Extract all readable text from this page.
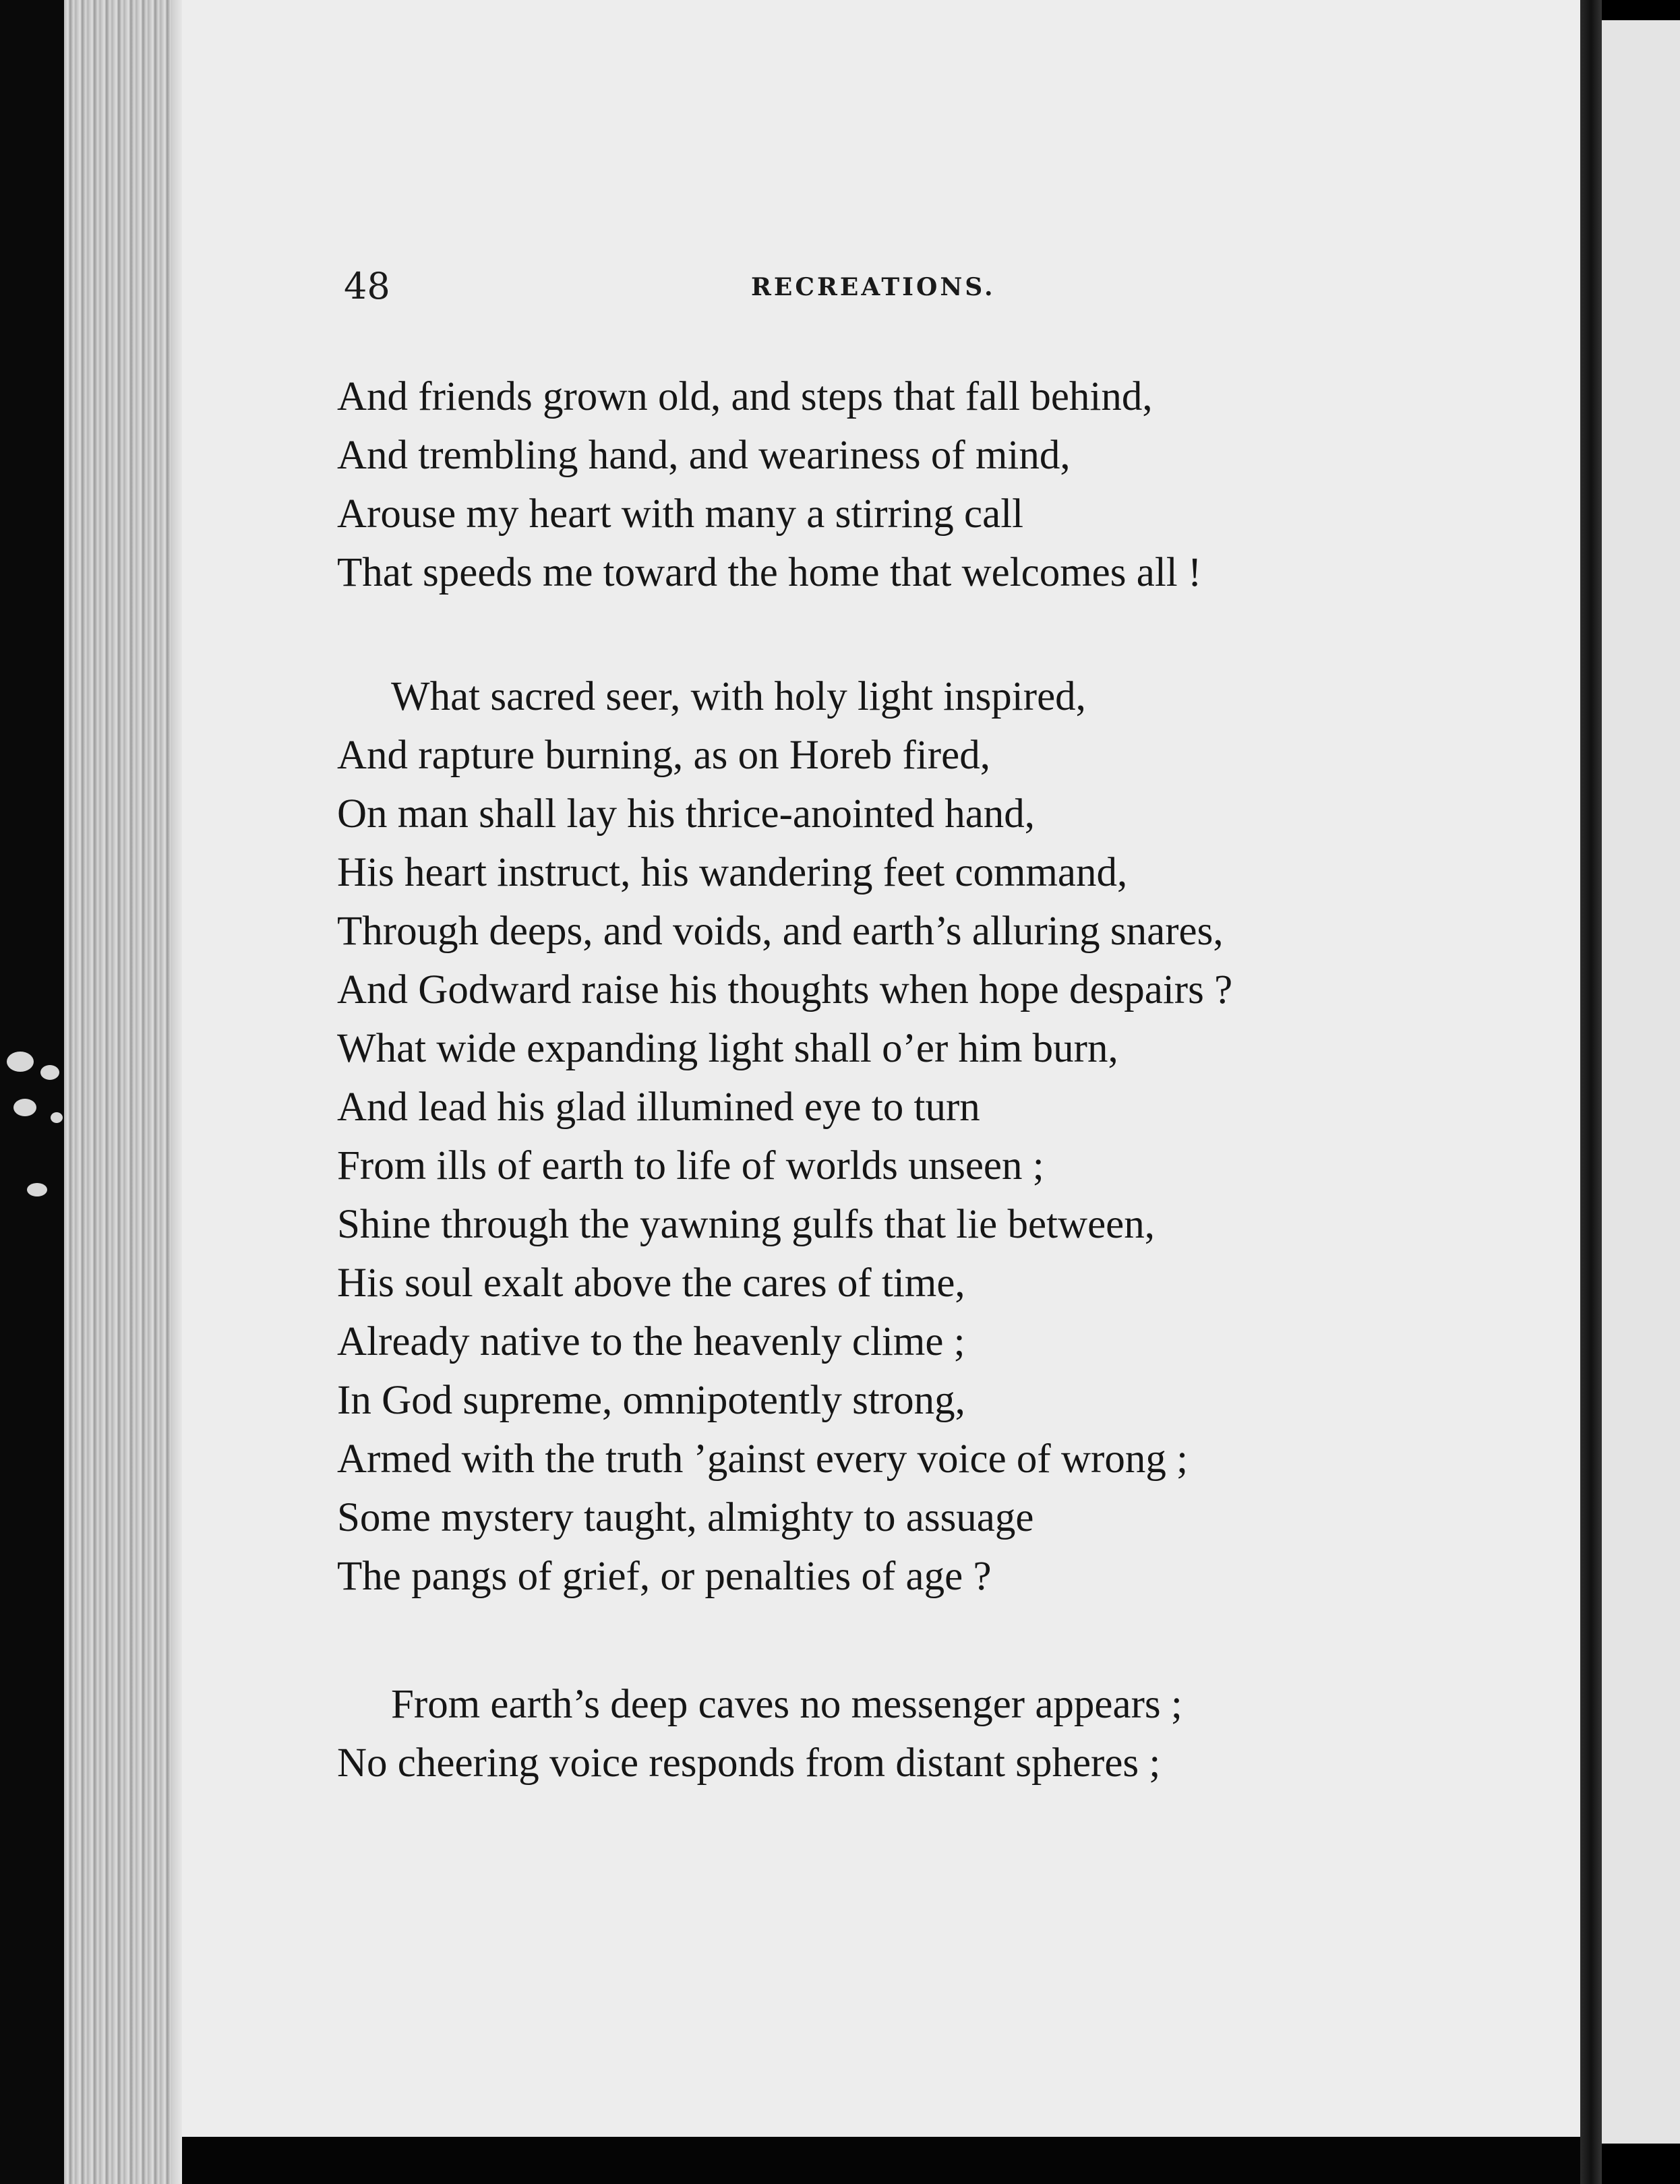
48	RECREATIONS.
And friends grown old, and steps that fall behind,
And trembling hand, and weariness of mind,
Arouse my heart with many a stirring call
That speeds me toward the home that welcomes all !
What sacred seer, with holy light inspired,
And rapture burning, as on Horeb fired,
On man shall lay his thrice-anointed hand,
His heart instruct, his wandering feet command,
Through deeps, and voids, and earth’s alluring snares,
And Godward raise his thoughts when hope despairs ?
What wide expanding light shall o’er him burn,
And lead his glad illumined eye to turn
From ills of earth to life of worlds unseen ;
Shine through the yawning gulfs that lie between,
His soul exalt above the cares of time,
Already native to the heavenly clime ;
In God supreme, omnipotently strong,
Armed with the truth ’gainst every voice of wrong ;
Some mystery taught, almighty to assuage
The pangs of grief, or penalties of age ?
From earth’s deep caves no messenger appears ;
No cheering voice responds from distant spheres ;
